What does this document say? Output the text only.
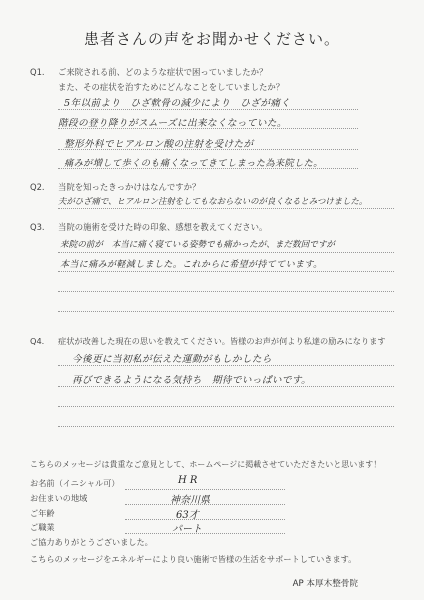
患者さんの声をお聞かせください。
Q1. ご来院される前、どのような症状で困っていましたか？
また、その症状を治すためにどんなことをしていましたか？
5年以前より　ひざ軟骨の減少により　ひざが痛く
階段の登り降りがスムーズに出来なくなっていた。
整形外科でヒアルロン酸の注射を受けたが
痛みが増して歩くのも痛くなってきてしまった為来院した。
Q2. 当院を知ったきっかけはなんですか？
夫がひざ痛で、ヒアルロン注射をしてもなおらないのが良くなるとみつけました。
Q3. 当院の施術を受けた時の印象、感想を教えてください。
来院の前が　本当に痛く寝ている姿勢でも痛かったが、まだ数回ですが
本当に痛みが軽減しました。これからに希望が持てています。
Q4. 症状が改善した現在の思いを教えてください。皆様のお声が何より私達の励みになります
今後更に当初私が伝えた運動がもしかしたら
再びできるようになる気持ち　期待でいっぱいです。
こちらのメッセージは貴重なご意見として、ホームページに掲載させていただきたいと思います！
お名前（イニシャル可）	H R
お住まいの地域	神奈川県
ご年齢	63才
ご職業	パート
ご協力ありがとうございました。
こちらのメッセージをエネルギーにより良い施術で皆様の生活をサポートしていきます。
AP 本厚木整骨院
